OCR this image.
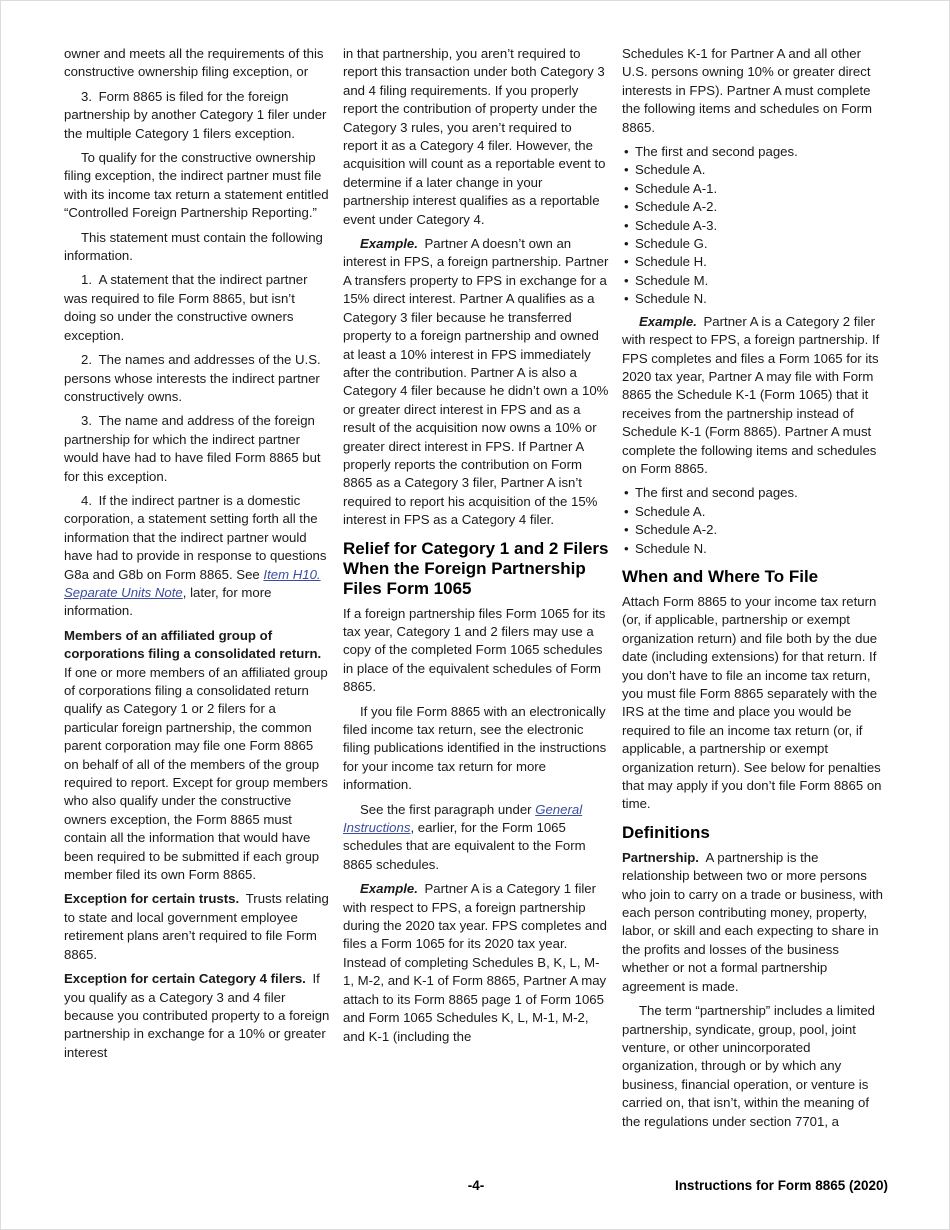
owner and meets all the requirements of this constructive ownership filing exception, or

3. Form 8865 is filed for the foreign partnership by another Category 1 filer under the multiple Category 1 filers exception.

To qualify for the constructive ownership filing exception, the indirect partner must file with its income tax return a statement entitled “Controlled Foreign Partnership Reporting.”

This statement must contain the following information.

1. A statement that the indirect partner was required to file Form 8865, but isn’t doing so under the constructive owners exception.

2. The names and addresses of the U.S. persons whose interests the indirect partner constructively owns.

3. The name and address of the foreign partnership for which the indirect partner would have had to have filed Form 8865 but for this exception.

4. If the indirect partner is a domestic corporation, a statement setting forth all the information that the indirect partner would have had to provide in response to questions G8a and G8b on Form 8865. See Item H10. Separate Units Note, later, for more information.

Members of an affiliated group of corporations filing a consolidated return. If one or more members of an affiliated group of corporations filing a consolidated return qualify as Category 1 or 2 filers for a particular foreign partnership, the common parent corporation may file one Form 8865 on behalf of all of the members of the group required to report. Except for group members who also qualify under the constructive owners exception, the Form 8865 must contain all the information that would have been required to be submitted if each group member filed its own Form 8865.

Exception for certain trusts. Trusts relating to state and local government employee retirement plans aren’t required to file Form 8865.

Exception for certain Category 4 filers. If you qualify as a Category 3 and 4 filer because you contributed property to a foreign partnership in exchange for a 10% or greater interest

in that partnership, you aren’t required to report this transaction under both Category 3 and 4 filing requirements. If you properly report the contribution of property under the Category 3 rules, you aren’t required to report it as a Category 4 filer. However, the acquisition will count as a reportable event to determine if a later change in your partnership interest qualifies as a reportable event under Category 4.

Example. Partner A doesn’t own an interest in FPS, a foreign partnership. Partner A transfers property to FPS in exchange for a 15% direct interest. Partner A qualifies as a Category 3 filer because he transferred property to a foreign partnership and owned at least a 10% interest in FPS immediately after the contribution. Partner A is also a Category 4 filer because he didn’t own a 10% or greater direct interest in FPS and as a result of the acquisition now owns a 10% or greater direct interest in FPS. If Partner A properly reports the contribution on Form 8865 as a Category 3 filer, Partner A isn’t required to report his acquisition of the 15% interest in FPS as a Category 4 filer.

Relief for Category 1 and 2 Filers When the Foreign Partnership Files Form 1065

If a foreign partnership files Form 1065 for its tax year, Category 1 and 2 filers may use a copy of the completed Form 1065 schedules in place of the equivalent schedules of Form 8865.

If you file Form 8865 with an electronically filed income tax return, see the electronic filing publications identified in the instructions for your income tax return for more information.

See the first paragraph under General Instructions, earlier, for the Form 1065 schedules that are equivalent to the Form 8865 schedules.

Example. Partner A is a Category 1 filer with respect to FPS, a foreign partnership during the 2020 tax year. FPS completes and files a Form 1065 for its 2020 tax year. Instead of completing Schedules B, K, L, M-1, M-2, and K-1 of Form 8865, Partner A may attach to its Form 8865 page 1 of Form 1065 and Form 1065 Schedules K, L, M-1, M-2, and K-1 (including the

Schedules K-1 for Partner A and all other U.S. persons owning 10% or greater direct interests in FPS). Partner A must complete the following items and schedules on Form 8865.

• The first and second pages.
• Schedule A.
• Schedule A-1.
• Schedule A-2.
• Schedule A-3.
• Schedule G.
• Schedule H.
• Schedule M.
• Schedule N.

Example. Partner A is a Category 2 filer with respect to FPS, a foreign partnership. If FPS completes and files a Form 1065 for its 2020 tax year, Partner A may file with Form 8865 the Schedule K-1 (Form 1065) that it receives from the partnership instead of Schedule K-1 (Form 8865). Partner A must complete the following items and schedules on Form 8865.

• The first and second pages.
• Schedule A.
• Schedule A-2.
• Schedule N.
When and Where To File

Attach Form 8865 to your income tax return (or, if applicable, partnership or exempt organization return) and file both by the due date (including extensions) for that return. If you don’t have to file an income tax return, you must file Form 8865 separately with the IRS at the time and place you would be required to file an income tax return (or, if applicable, a partnership or exempt organization return). See below for penalties that may apply if you don’t file Form 8865 on time.

Definitions

Partnership. A partnership is the relationship between two or more persons who join to carry on a trade or business, with each person contributing money, property, labor, or skill and each expecting to share in the profits and losses of the business whether or not a formal partnership agreement is made.

The term “partnership” includes a limited partnership, syndicate, group, pool, joint venture, or other unincorporated organization, through or by which any business, financial operation, or venture is carried on, that isn’t, within the meaning of the regulations under section 7701, a

-4-	Instructions for Form 8865 (2020)
